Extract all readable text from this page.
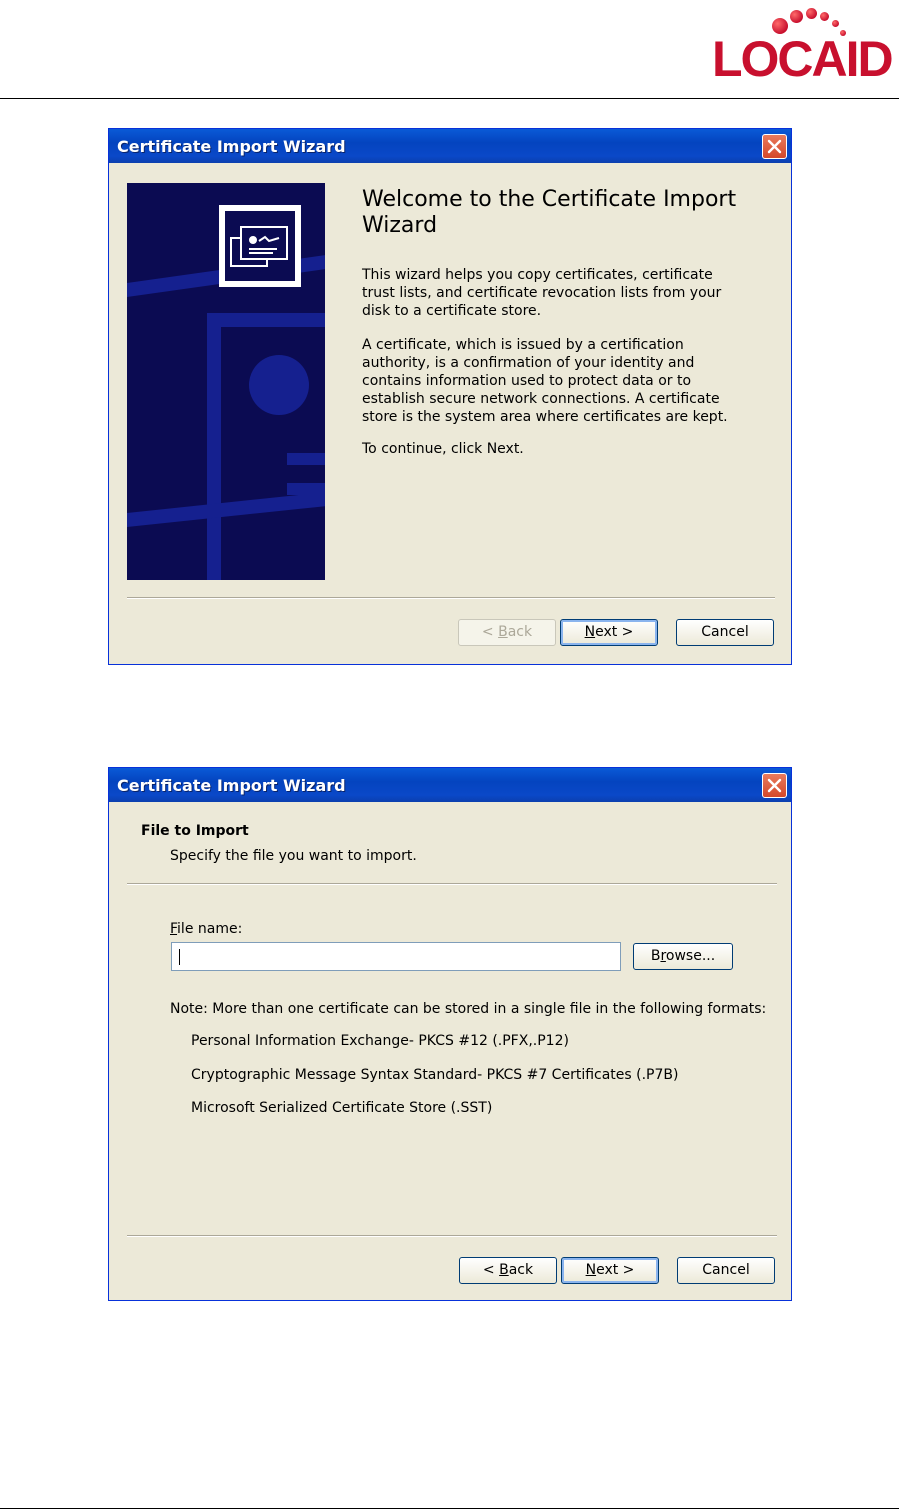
LOCAID
Certificate Import Wizard
Welcome to the Certificate Import Wizard
This wizard helps you copy certificates, certificate trust lists, and certificate revocation lists from your disk to a certificate store.
A certificate, which is issued by a certification authority, is a confirmation of your identity and contains information used to protect data or to establish secure network connections. A certificate store is the system area where certificates are kept.
To continue, click Next.
< Back	Next >	Cancel
Certificate Import Wizard
File to Import
Specify the file you want to import.
File name:
Browse...
Note: More than one certificate can be stored in a single file in the following formats:
Personal Information Exchange- PKCS #12 (.PFX,.P12)
Cryptographic Message Syntax Standard- PKCS #7 Certificates (.P7B)
Microsoft Serialized Certificate Store (.SST)
< Back	Next >	Cancel
